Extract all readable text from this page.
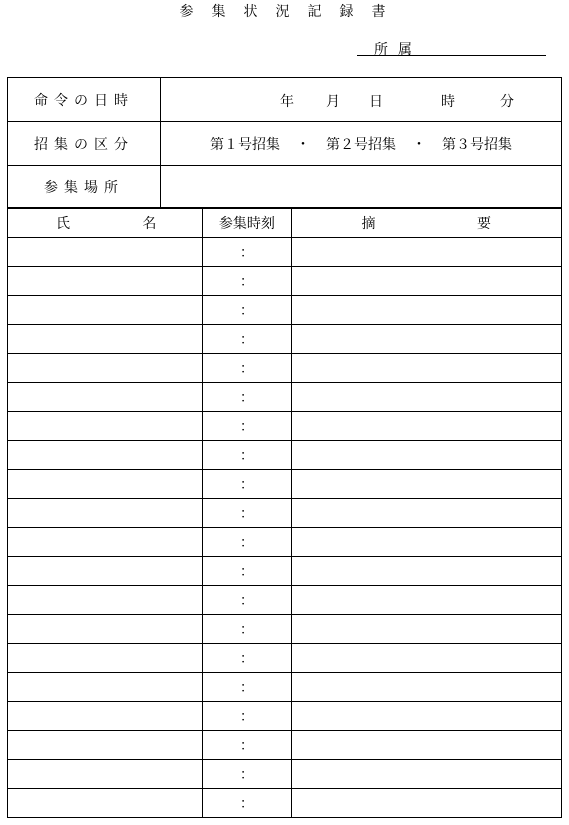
参集状況記録書
所属
命令の日時	年 月 日 時 分

招集の区分	第１号招集 ・ 第２号招集 ・ 第３号招集
参集場所	
氏 名	参集時刻	摘 要

	：	
	：	
	：	
	：	
	：	
	：	
	：	
	：	
	：	
	：	
	：	
	：	
	：	
	：	
	：	
	：	
	：	
	：	
	：	
	：	
